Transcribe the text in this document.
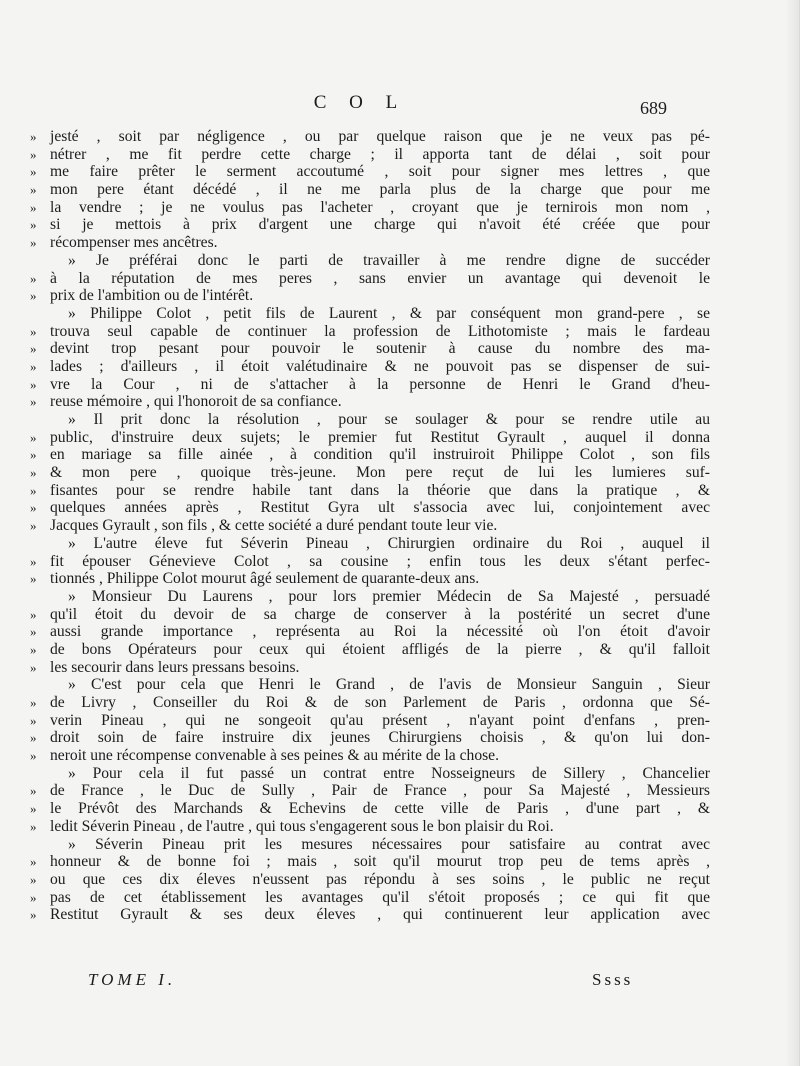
C O L	689
» jesté , soit par négligence , ou par quelque raison que je ne veux pas pé-
» nétrer , me fit perdre cette charge ; il apporta tant de délai , soit pour
» me faire prêter le serment accoutumé , soit pour signer mes lettres , que
» mon pere étant décédé , il ne me parla plus de la charge que pour me
» la vendre ; je ne voulus pas l'acheter , croyant que je ternirois mon nom ,
» si je mettois à prix d'argent une charge qui n'avoit été créée que pour
» récompenser mes ancêtres.
» Je préférai donc le parti de travailler à me rendre digne de succéder
» à la réputation de mes peres , sans envier un avantage qui devenoit le
» prix de l'ambition ou de l'intérêt.
» Philippe Colot , petit fils de Laurent , & par conséquent mon grand-pere , se
» trouva seul capable de continuer la profession de Lithotomiste ; mais le fardeau
» devint trop pesant pour pouvoir le soutenir à cause du nombre des ma-
» lades ; d'ailleurs , il étoit valétudinaire & ne pouvoit pas se dispenser de sui-
» vre la Cour , ni de s'attacher à la personne de Henri le Grand d'heu-
» reuse mémoire , qui l'honoroit de sa confiance.
» Il prit donc la résolution , pour se soulager & pour se rendre utile au
» public, d'instruire deux sujets; le premier fut Restitut Gyrault , auquel il donna
» en mariage sa fille ainée , à condition qu'il instruiroit Philippe Colot , son fils
» & mon pere , quoique très-jeune. Mon pere reçut de lui les lumieres suf-
» fisantes pour se rendre habile tant dans la théorie que dans la pratique , &
» quelques années après , Restitut Gyra ult s'associa avec lui, conjointement avec
» Jacques Gyrault , son fils , & cette société a duré pendant toute leur vie.
» L'autre éleve fut Séverin Pineau , Chirurgien ordinaire du Roi , auquel il
» fit épouser Génevieve Colot , sa cousine ; enfin tous les deux s'étant perfec-
» tionnés , Philippe Colot mourut âgé seulement de quarante-deux ans.
» Monsieur Du Laurens , pour lors premier Médecin de Sa Majesté , persuadé
» qu'il étoit du devoir de sa charge de conserver à la postérité un secret d'une
» aussi grande importance , représenta au Roi la nécessité où l'on étoit d'avoir
» de bons Opérateurs pour ceux qui étoient affligés de la pierre , & qu'il falloit
» les secourir dans leurs pressans besoins.
» C'est pour cela que Henri le Grand , de l'avis de Monsieur Sanguin , Sieur
» de Livry , Conseiller du Roi & de son Parlement de Paris , ordonna que Sé-
» verin Pineau , qui ne songeoit qu'au présent , n'ayant point d'enfans , pren-
» droit soin de faire instruire dix jeunes Chirurgiens choisis , & qu'on lui don-
» neroit une récompense convenable à ses peines & au mérite de la chose.
» Pour cela il fut passé un contrat entre Nosseigneurs de Sillery , Chancelier
» de France , le Duc de Sully , Pair de France , pour Sa Majesté , Messieurs
» le Prévôt des Marchands & Echevins de cette ville de Paris , d'une part , &
» ledit Séverin Pineau , de l'autre , qui tous s'engagerent sous le bon plaisir du Roi.
» Séverin Pineau prit les mesures nécessaires pour satisfaire au contrat avec
» honneur & de bonne foi ; mais , soit qu'il mourut trop peu de tems après ,
» ou que ces dix éleves n'eussent pas répondu à ses soins , le public ne reçut
» pas de cet établissement les avantages qu'il s'étoit proposés ; ce qui fit que
» Restitut Gyrault & ses deux éleves , qui continuerent leur application avec
TOME I.	Ssss
